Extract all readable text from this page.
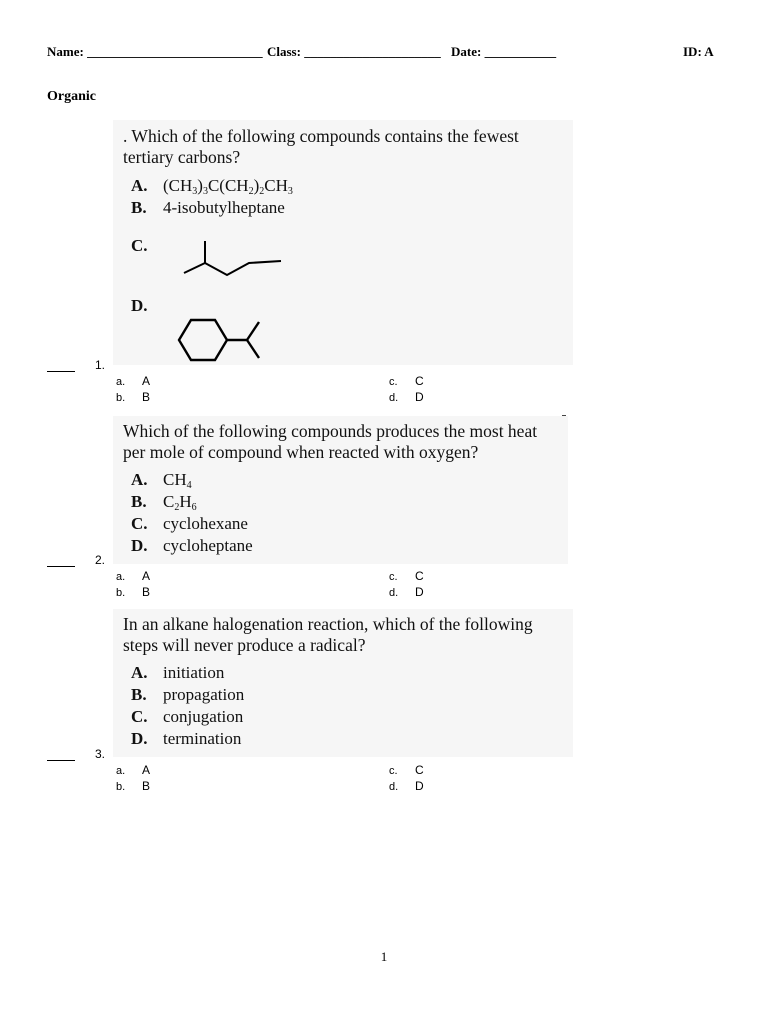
Name: ___________________________ Class: _____________________ Date: ___________	ID: A
Organic
. Which of the following compounds contains the fewest tertiary carbons?
A. $(CH_3)_3C(CH_2)_2CH_3$
B. 4-isobutylheptane
C.
D.
1.
a. A
b. B
c. C
d. D
Which of the following compounds produces the most heat per mole of compound when reacted with oxygen?
A. $CH_4$
B. $C_2H_6$
C. cyclohexane
D. cycloheptane
2.
a. A
b. B
c. C
d. D
In an alkane halogenation reaction, which of the following steps will never produce a radical?
A. initiation
B. propagation
C. conjugation
D. termination
3.
a. A
b. B
c. C
d. D
1
